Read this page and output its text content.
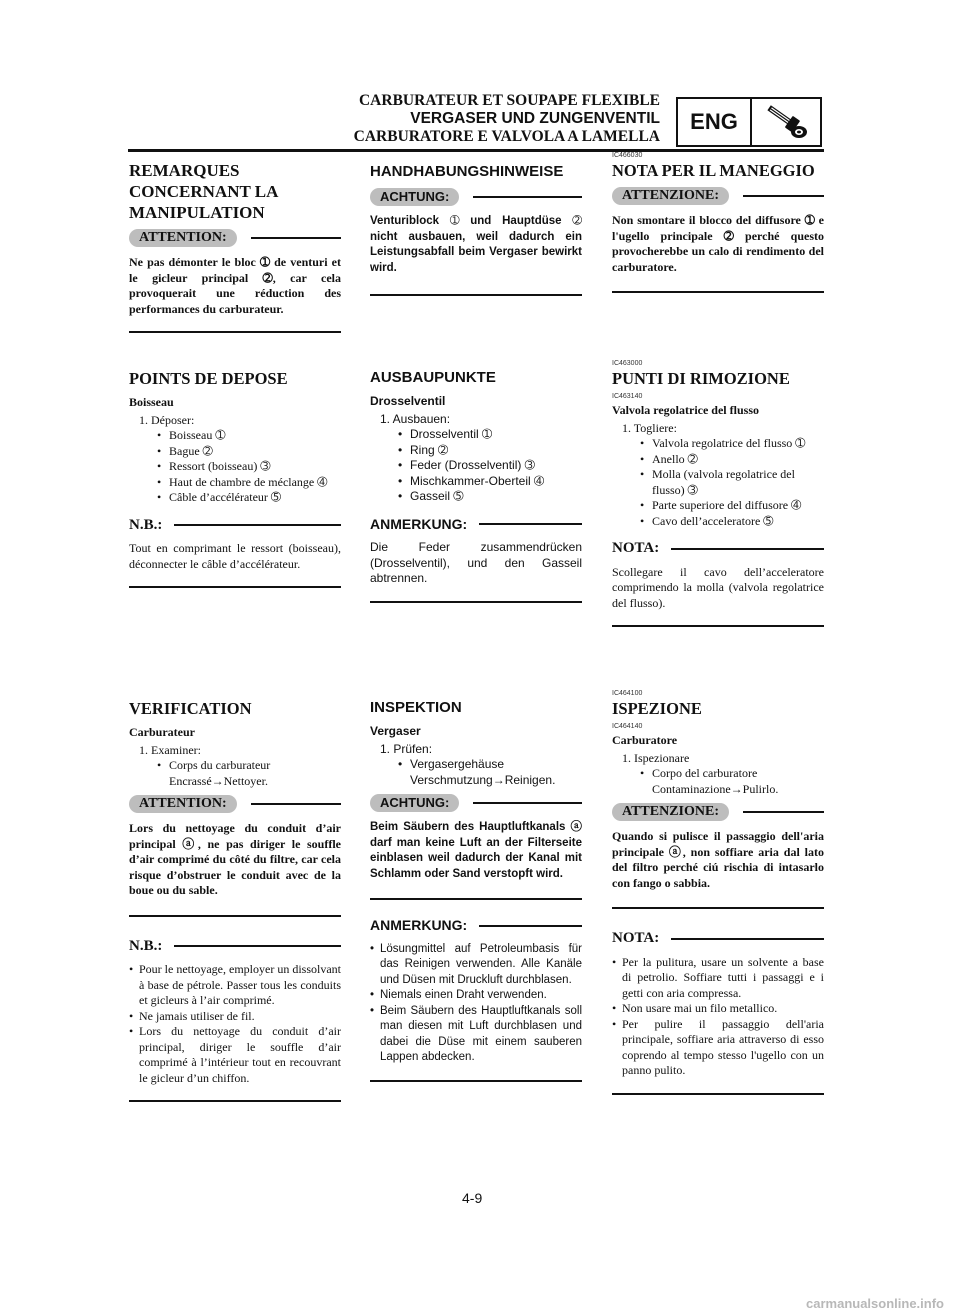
CARBURATEUR ET SOUPAPE FLEXIBLE
VERGASER UND ZUNGENVENTIL
CARBURATORE E VALVOLA A LAMELLA
ENG
REMARQUES CONCERNANT LA MANIPULATION
ATTENTION:

Ne pas démonter le bloc ➀ de venturi et le gicleur principal ➁, car cela provoquerait une réduction des performances du carburateur.

HANDHABUNGSHINWEISE
ACHTUNG:

Venturiblock ➀ und Hauptdüse ➁ nicht ausbauen, weil dadurch ein Leistungsabfall beim Vergaser bewirkt wird.

IC466030

NOTA PER IL MANEGGIO
ATTENZIONE:

Non smontare il blocco del diffusore ➀ e l'ugello principale ➁ perché questo provocherebbe un calo di rendimento del carburatore.

POINTS DE DEPOSE

Boisseau

1. Déposer:

• Boisseau ➀
• Bague ➁
• Ressort (boisseau) ➂
• Haut de chambre de méclange ➃
• Câble d’accélérateur ➄
N.B.:

Tout en comprimant le ressort (boisseau), déconnecter le câble d’accélérateur.

AUSBAUPUNKTE

Drosselventil

1. Ausbauen:

• Drosselventil ➀
• Ring ➁
• Feder (Drosselventil) ➂
• Mischkammer-Oberteil ➃
• Gasseil ➄
ANMERKUNG:

Die Feder zusammendrücken (Drosselventil), und den Gasseil abtrennen.

IC463000

PUNTI DI RIMOZIONE

IC463140

Valvola regolatrice del flusso

1. Togliere:

• Valvola regolatrice del flusso ➀
• Anello ➁
• Molla (valvola regolatrice del flusso) ➂
• Parte superiore del diffusore ➃
• Cavo dell’acceleratore ➄
NOTA:

Scollegare il cavo dell’acceleratore comprimendo la molla (valvola regolatrice del flusso).

VERIFICATION

Carburateur

1. Examiner:

• Corps du carburateur
Encrassé→Nettoyer.
ATTENTION:

Lors du nettoyage du conduit d’air principal ⓐ, ne pas diriger le souffle d’air comprimé du côté du filtre, car cela risque d’obstruer le conduit avec de la boue ou du sable.

N.B.:
• Pour le nettoyage, employer un dissolvant à base de pétrole. Passer tous les conduits et gicleurs à l’air comprimé.
• Ne jamais utiliser de fil.
• Lors du nettoyage du conduit d’air principal, diriger le souffle d’air comprimé à l’intérieur tout en recouvrant le gicleur d’un chiffon.
INSPEKTION

Vergaser

1. Prüfen:

• Vergasergehäuse
Verschmutzung→Reinigen.
ACHTUNG:

Beim Säubern des Hauptluftkanals ⓐ darf man keine Luft an der Filterseite einblasen weil dadurch der Kanal mit Schlamm oder Sand verstopft wird.

ANMERKUNG:
• Lösungmittel auf Petroleumbasis für das Reinigen verwenden. Alle Kanäle und Düsen mit Druckluft durchblasen.
• Niemals einen Draht verwenden.
• Beim Säubern des Hauptluftkanals soll man diesen mit Luft durchblasen und dabei die Düse mit einem sauberen Lappen abdecken.

IC464100

ISPEZIONE

IC464140

Carburatore

1. Ispezionare

• Corpo del carburatore
Contaminazione→Pulirlo.
ATTENZIONE:

Quando si pulisce il passaggio dell'aria principale ⓐ, non soffiare aria dal lato del filtro perché ciú rischia di intasarlo con fango o sabbia.

NOTA:
• Per la pulitura, usare un solvente a base di petrolio. Soffiare tutti i passaggi e i getti con aria compressa.
• Non usare mai un filo metallico.
• Per pulire il passaggio dell'aria principale, soffiare aria attraverso di esso coprendo al tempo stesso l'ugello con un panno pulito.
4-9
carmanualsonline.info
